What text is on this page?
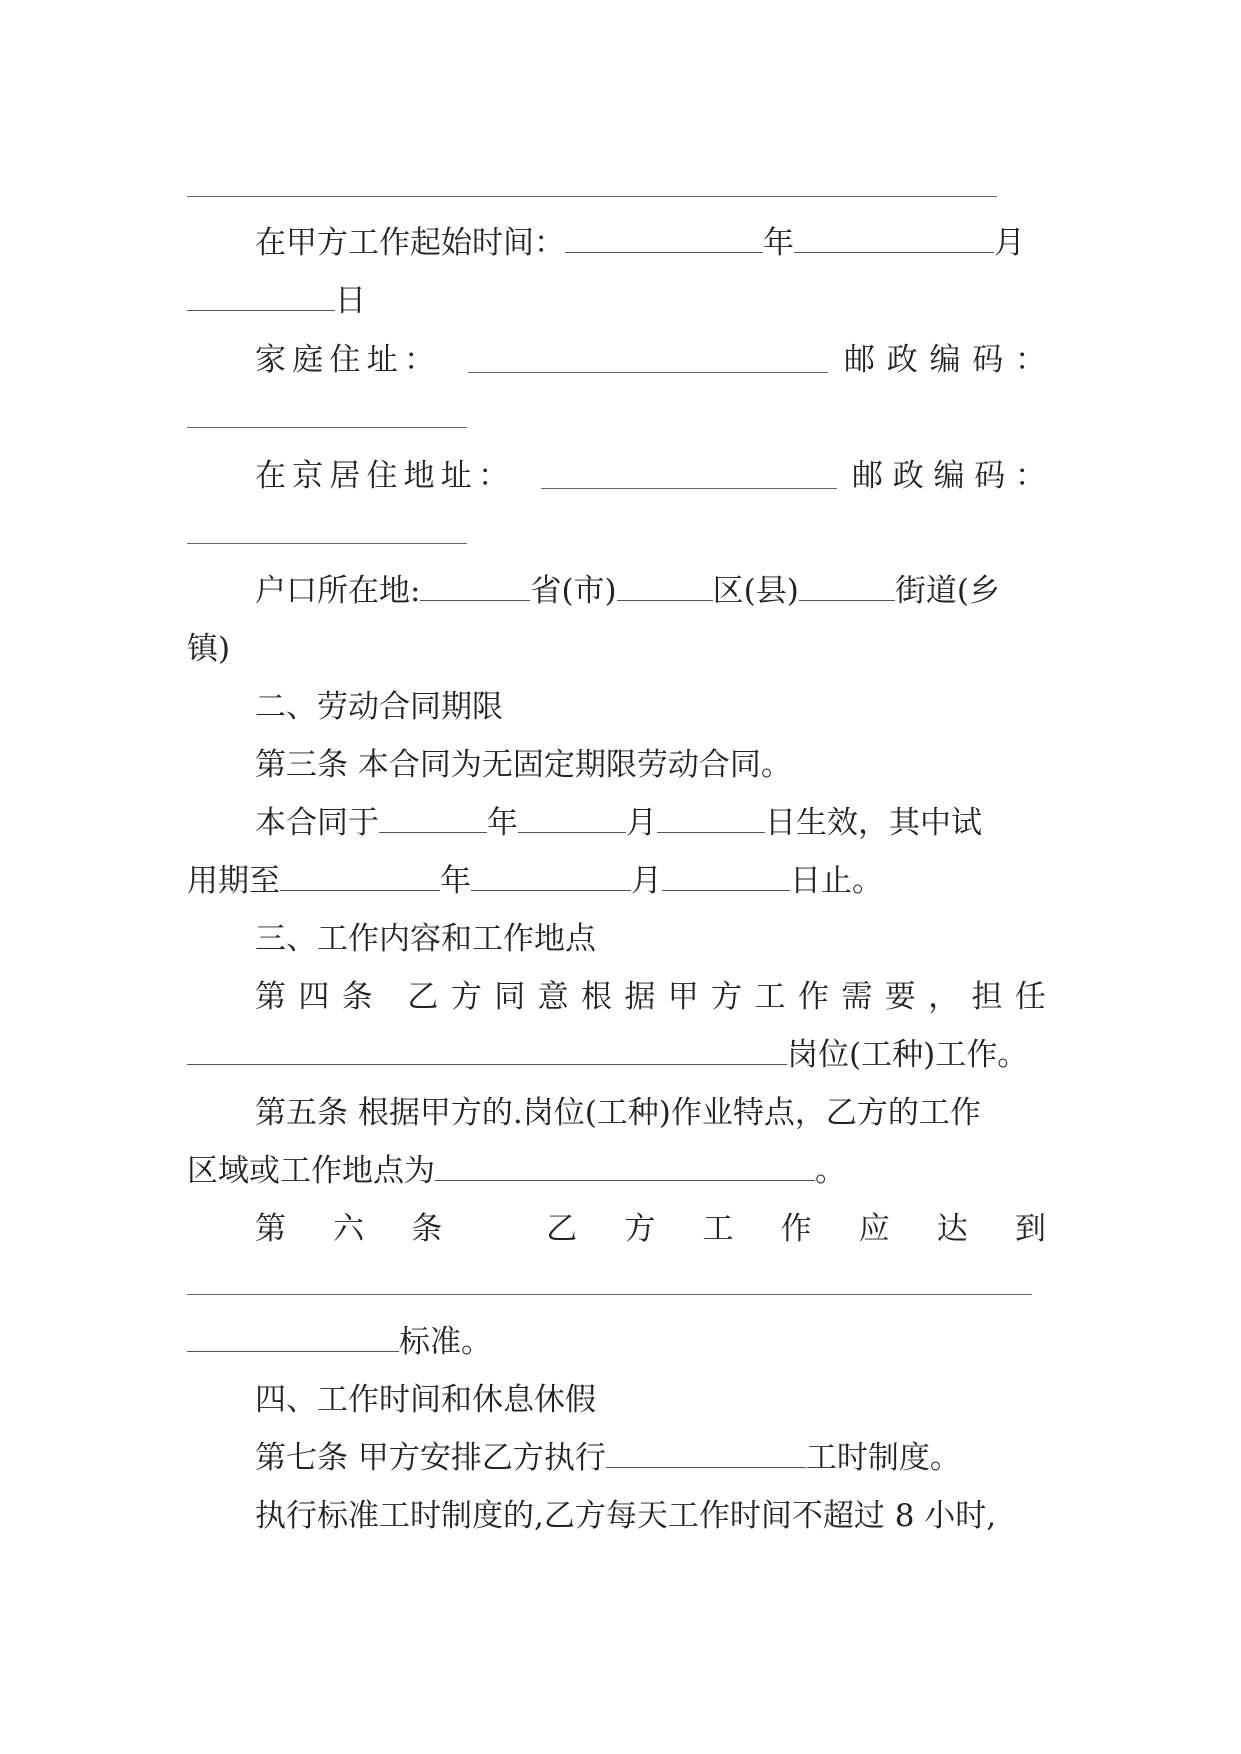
在甲方工作起始时间：	年	月
日
家 庭 住 址 ：	邮 政 编 码 ：
在 京 居 住 地 址 ：	邮 政 编 码 ：
户口所在地:	省(市)	区(县)	街道(乡
镇)
二、劳动合同期限
第三条 本合同为无固定期限劳动合同。
本合同于	年	月	日生效，其中试
用期至	年	月	日止。
三、工作内容和工作地点
第 四 条
乙 方 同 意 根 据 甲 方 工 作 需 要 ， 担 任
岗位(工种)工作。
第五条 根据甲方的.岗位(工种)作业特点，乙方的工作
区域或工作地点为	。
第 六 条
	乙 方 工 作 应 达 到
标准。
四、工作时间和休息休假
第七条 甲方安排乙方执行	工时制度。
执行标准工时制度的,乙方每天工作时间不超过 8 小时,
